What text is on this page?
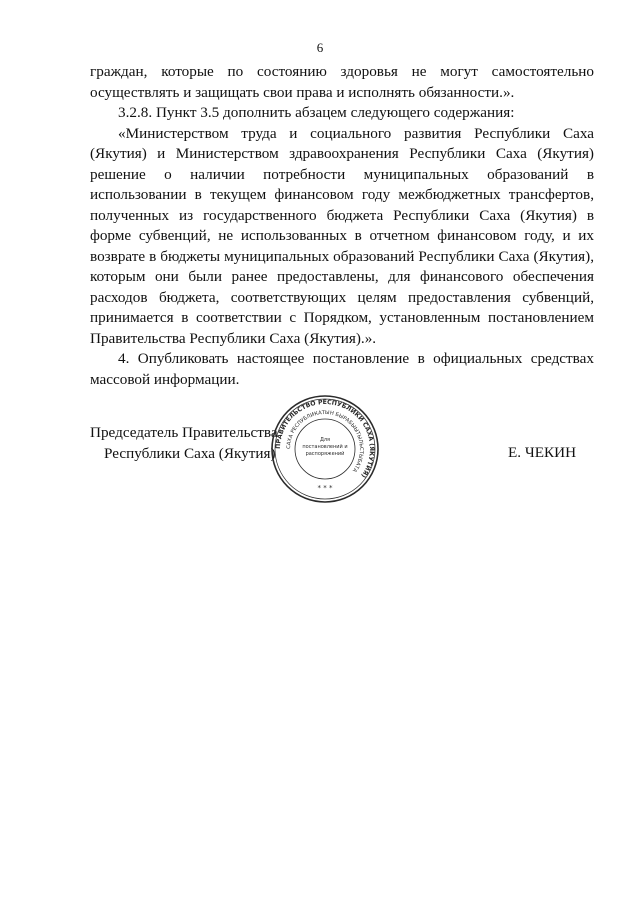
6

граждан, которые по состоянию здоровья не могут самостоятельно осуществлять и защищать свои права и исполнять обязанности.».

3.2.8. Пункт 3.5 дополнить абзацем следующего содержания:

«Министерством труда и социального развития Республики Саха (Якутия) и Министерством здравоохранения Республики Саха (Якутия) решение о наличии потребности муниципальных образований в использовании в текущем финансовом году межбюджетных трансфертов, полученных из государственного бюджета Республики Саха (Якутия) в форме субвенций, не использованных в отчетном финансовом году, и их возврате в бюджеты муниципальных образований Республики Саха (Якутия), которым они были ранее предоставлены, для финансового обеспечения расходов бюджета, соответствующих целям предоставления субвенций, принимается в соответствии с Порядком, установленным постановлением Правительства Республики Саха (Якутия).».

4. Опубликовать настоящее постановление в официальных средствах массовой информации.

Председатель Правительства
Республики Саха (Якутия)	Е. ЧЕКИН
ПРАВИТЕЛЬСТВО РЕСПУБЛИКИ САХА (ЯКУТИЯ)
САХА РЕСПУБЛИКАТЫН БЫРАБЫЫТЫЛЬСТЫБАТА
Для
постановлений и
распоряжений
* * *
